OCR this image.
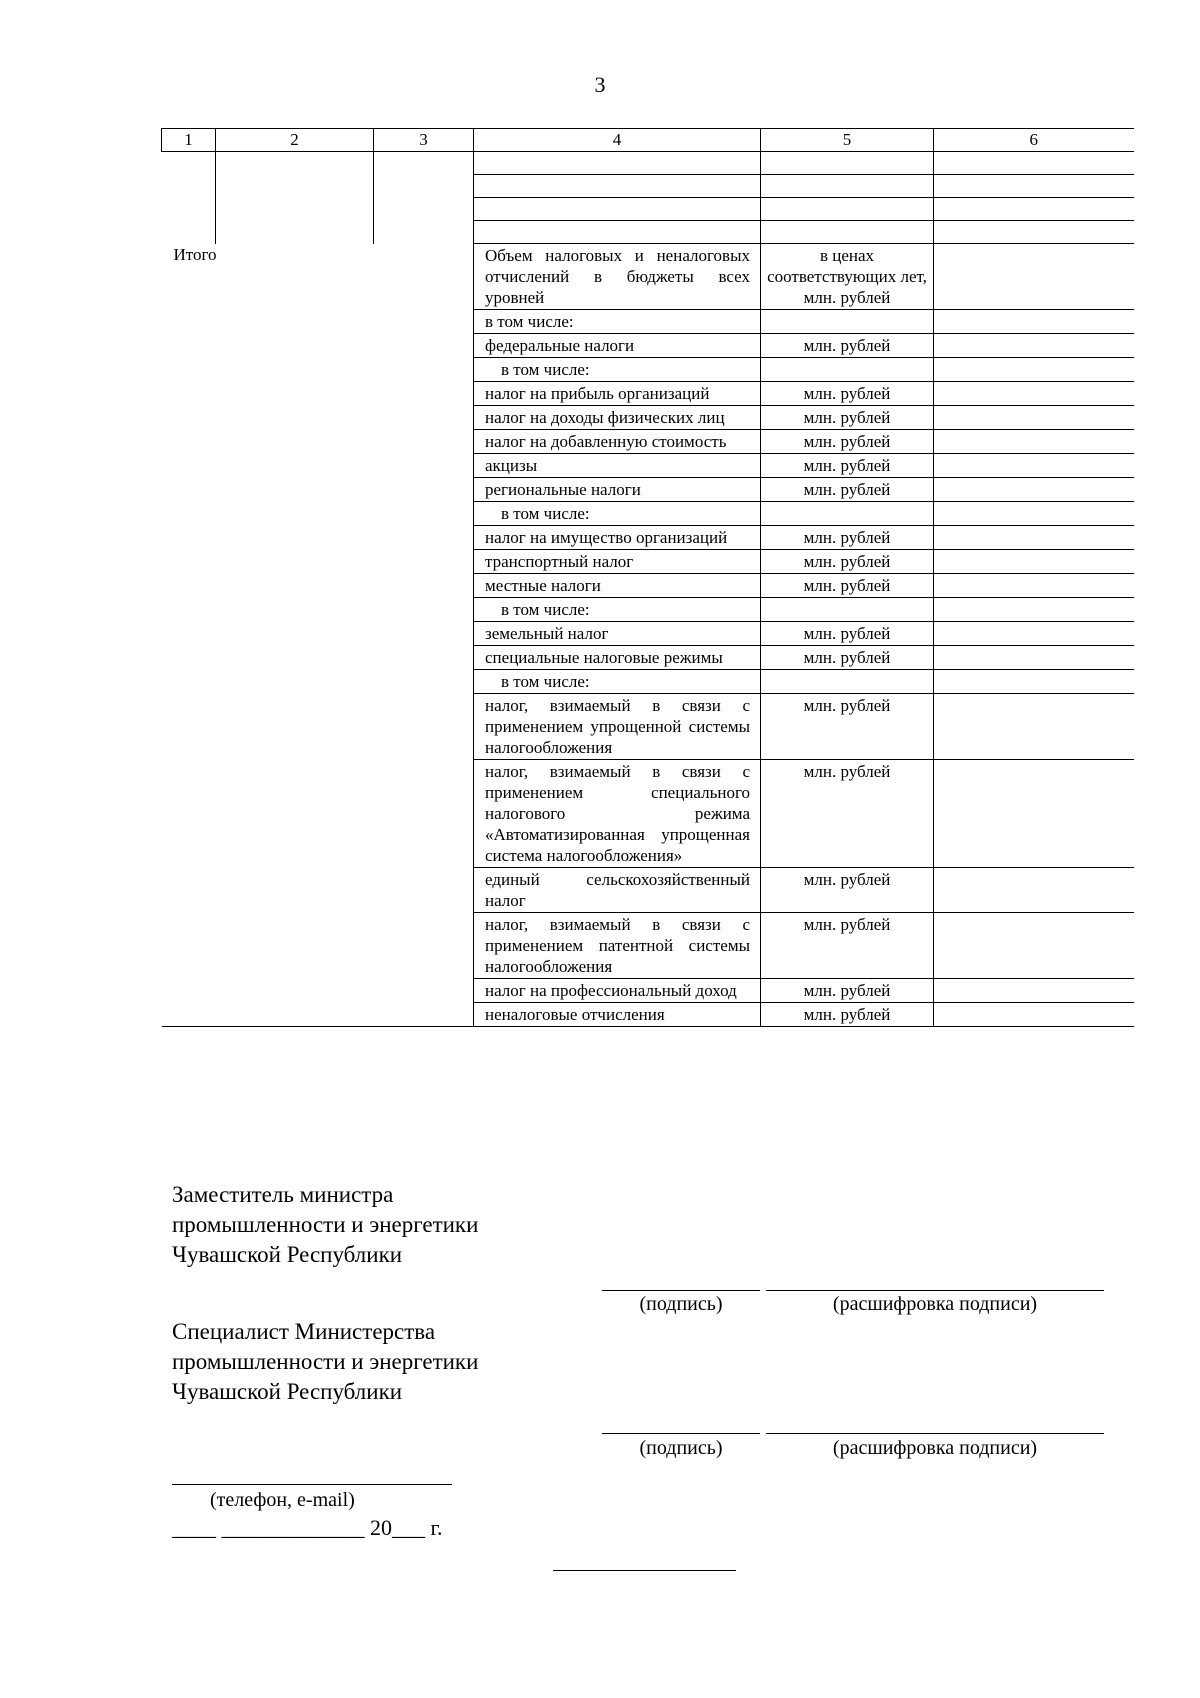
3
1	2	3	4	5	6

Итого			Объем налоговых и неналоговых отчислений в бюджеты всех уровней	в ценах соответствующих лет, млн. рублей	
			в том числе:		
			федеральные налоги	млн. рублей	
			в том числе:		
			налог на прибыль организаций	млн. рублей	
			налог на доходы физических лиц	млн. рублей	
			налог на добавленную стоимость	млн. рублей	
			акцизы	млн. рублей	
			региональные налоги	млн. рублей	
			в том числе:		
			налог на имущество организаций	млн. рублей	
			транспортный налог	млн. рублей	
			местные налоги	млн. рублей	
			в том числе:		
			земельный налог	млн. рублей	
			специальные налоговые режимы	млн. рублей	
			в том числе:		
			налог, взимаемый в связи с применением упрощенной системы налогообложения	млн. рублей	
			налог, взимаемый в связи с применением специального налогового режима «Автоматизированная упрощенная система налогообложения»	млн. рублей	
			единый сельскохозяйственный налог	млн. рублей	
			налог, взимаемый в связи с применением патентной системы налогообложения	млн. рублей	
			налог на профессиональный доход	млн. рублей	
			неналоговые отчисления	млн. рублей	
Заместитель министра
промышленности и энергетики
Чувашской Республики
(подпись)	(расшифровка подписи)
Специалист Министерства
промышленности и энергетики
Чувашской Республики
(подпись)	(расшифровка подписи)
(телефон, e-mail)
____ _____________ 20___ г.
